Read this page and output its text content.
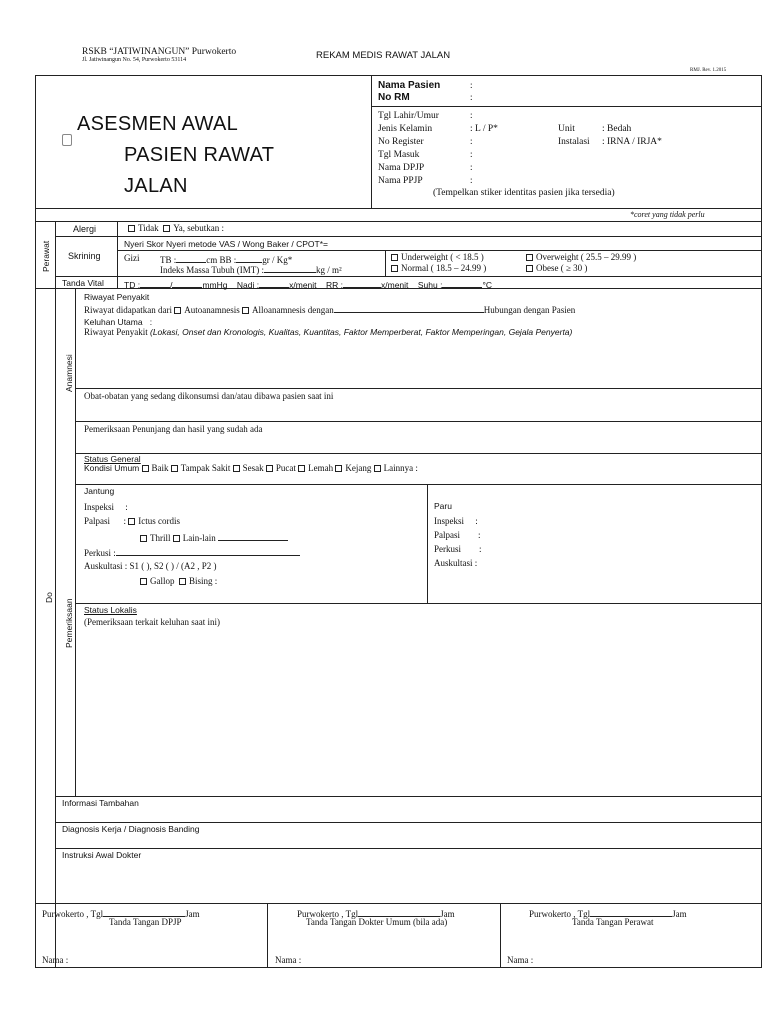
RSKB “JATIWINANGUN” Purwokerto
Jl. Jatiwinangun No. 54, Purwokerto 53114	REKAM MEDIS RAWAT JALAN
RMJ. Rev. 1.2015
ASESMEN AWAL
PASIEN RAWAT
JALAN
Nama Pasien	:
No RM	:
Tgl Lahir/Umur	:
Jenis Kelamin	: L / P*	Unit	: Bedah
No Register	:	Instalasi : IRNA / IRJA*
Tgl Masuk	:
Nama DPJP	:
Nama PPJP	:
(Tempelkan stiker identitas pasien jika tersedia)
*coret yang tidak perlu
Perawat
Alergi	Tidak Ya, sebutkan :
Skrining
Nyeri Skor Nyeri metode VAS / Wong Baker / CPOT*=
Gizi TB :	cm BB :	gr / Kg*
Indeks Massa Tubuh (IMT) :	kg / m²
Underweight ( < 18.5 )
Normal ( 18.5 – 24.99 )
Overweight ( 25.5 – 29.99 )
Obese ( ≥ 30 )
Tanda Vital TD :	/	mmHg Nadi :	x/menit RR :	x/menit Suhu :	°C
Anamnesi
Do
Pemeriksaan
Riwayat Penyakit
Riwayat didapatkan dari Autoanamnesis Alloanamnesis dengan	Hubungan dengan Pasien
Keluhan Utama :
Riwayat Penyakit (Lokasi, Onset dan Kronologis, Kualitas, Kuantitas, Faktor Memperberat, Faktor Memperingan, Gejala Penyerta)
Obat-obatan yang sedang dikonsumsi dan/atau dibawa pasien saat ini
Pemeriksaan Penunjang dan hasil yang sudah ada
Status General
Kondisi Umum Baik Tampak Sakit Sesak Pucat Lemah Kejang Lainnya :
Jantung
Inspeksi     :
Palpasi      : Ictus cordis
Thrill Lain-lain
Perkusi :
Auskultasi : S1 ( ), S2 ( ) / (A2 , P2 )
Gallop Bising :
Paru
Inspeksi     :
Palpasi        :
Perkusi        :
Auskultasi :
Status Lokalis
(Pemeriksaan terkait keluhan saat ini)
Informasi Tambahan
Diagnosis Kerja / Diagnosis Banding
Instruksi Awal Dokter
Purwokerto , Tgl	Jam
Tanda Tangan DPJP
Nama :
Purwokerto , Tgl	Jam
Tanda Tangan Dokter Umum (bila ada)
Nama :
Purwokerto , Tgl	Jam
Tanda Tangan Perawat
Nama :
